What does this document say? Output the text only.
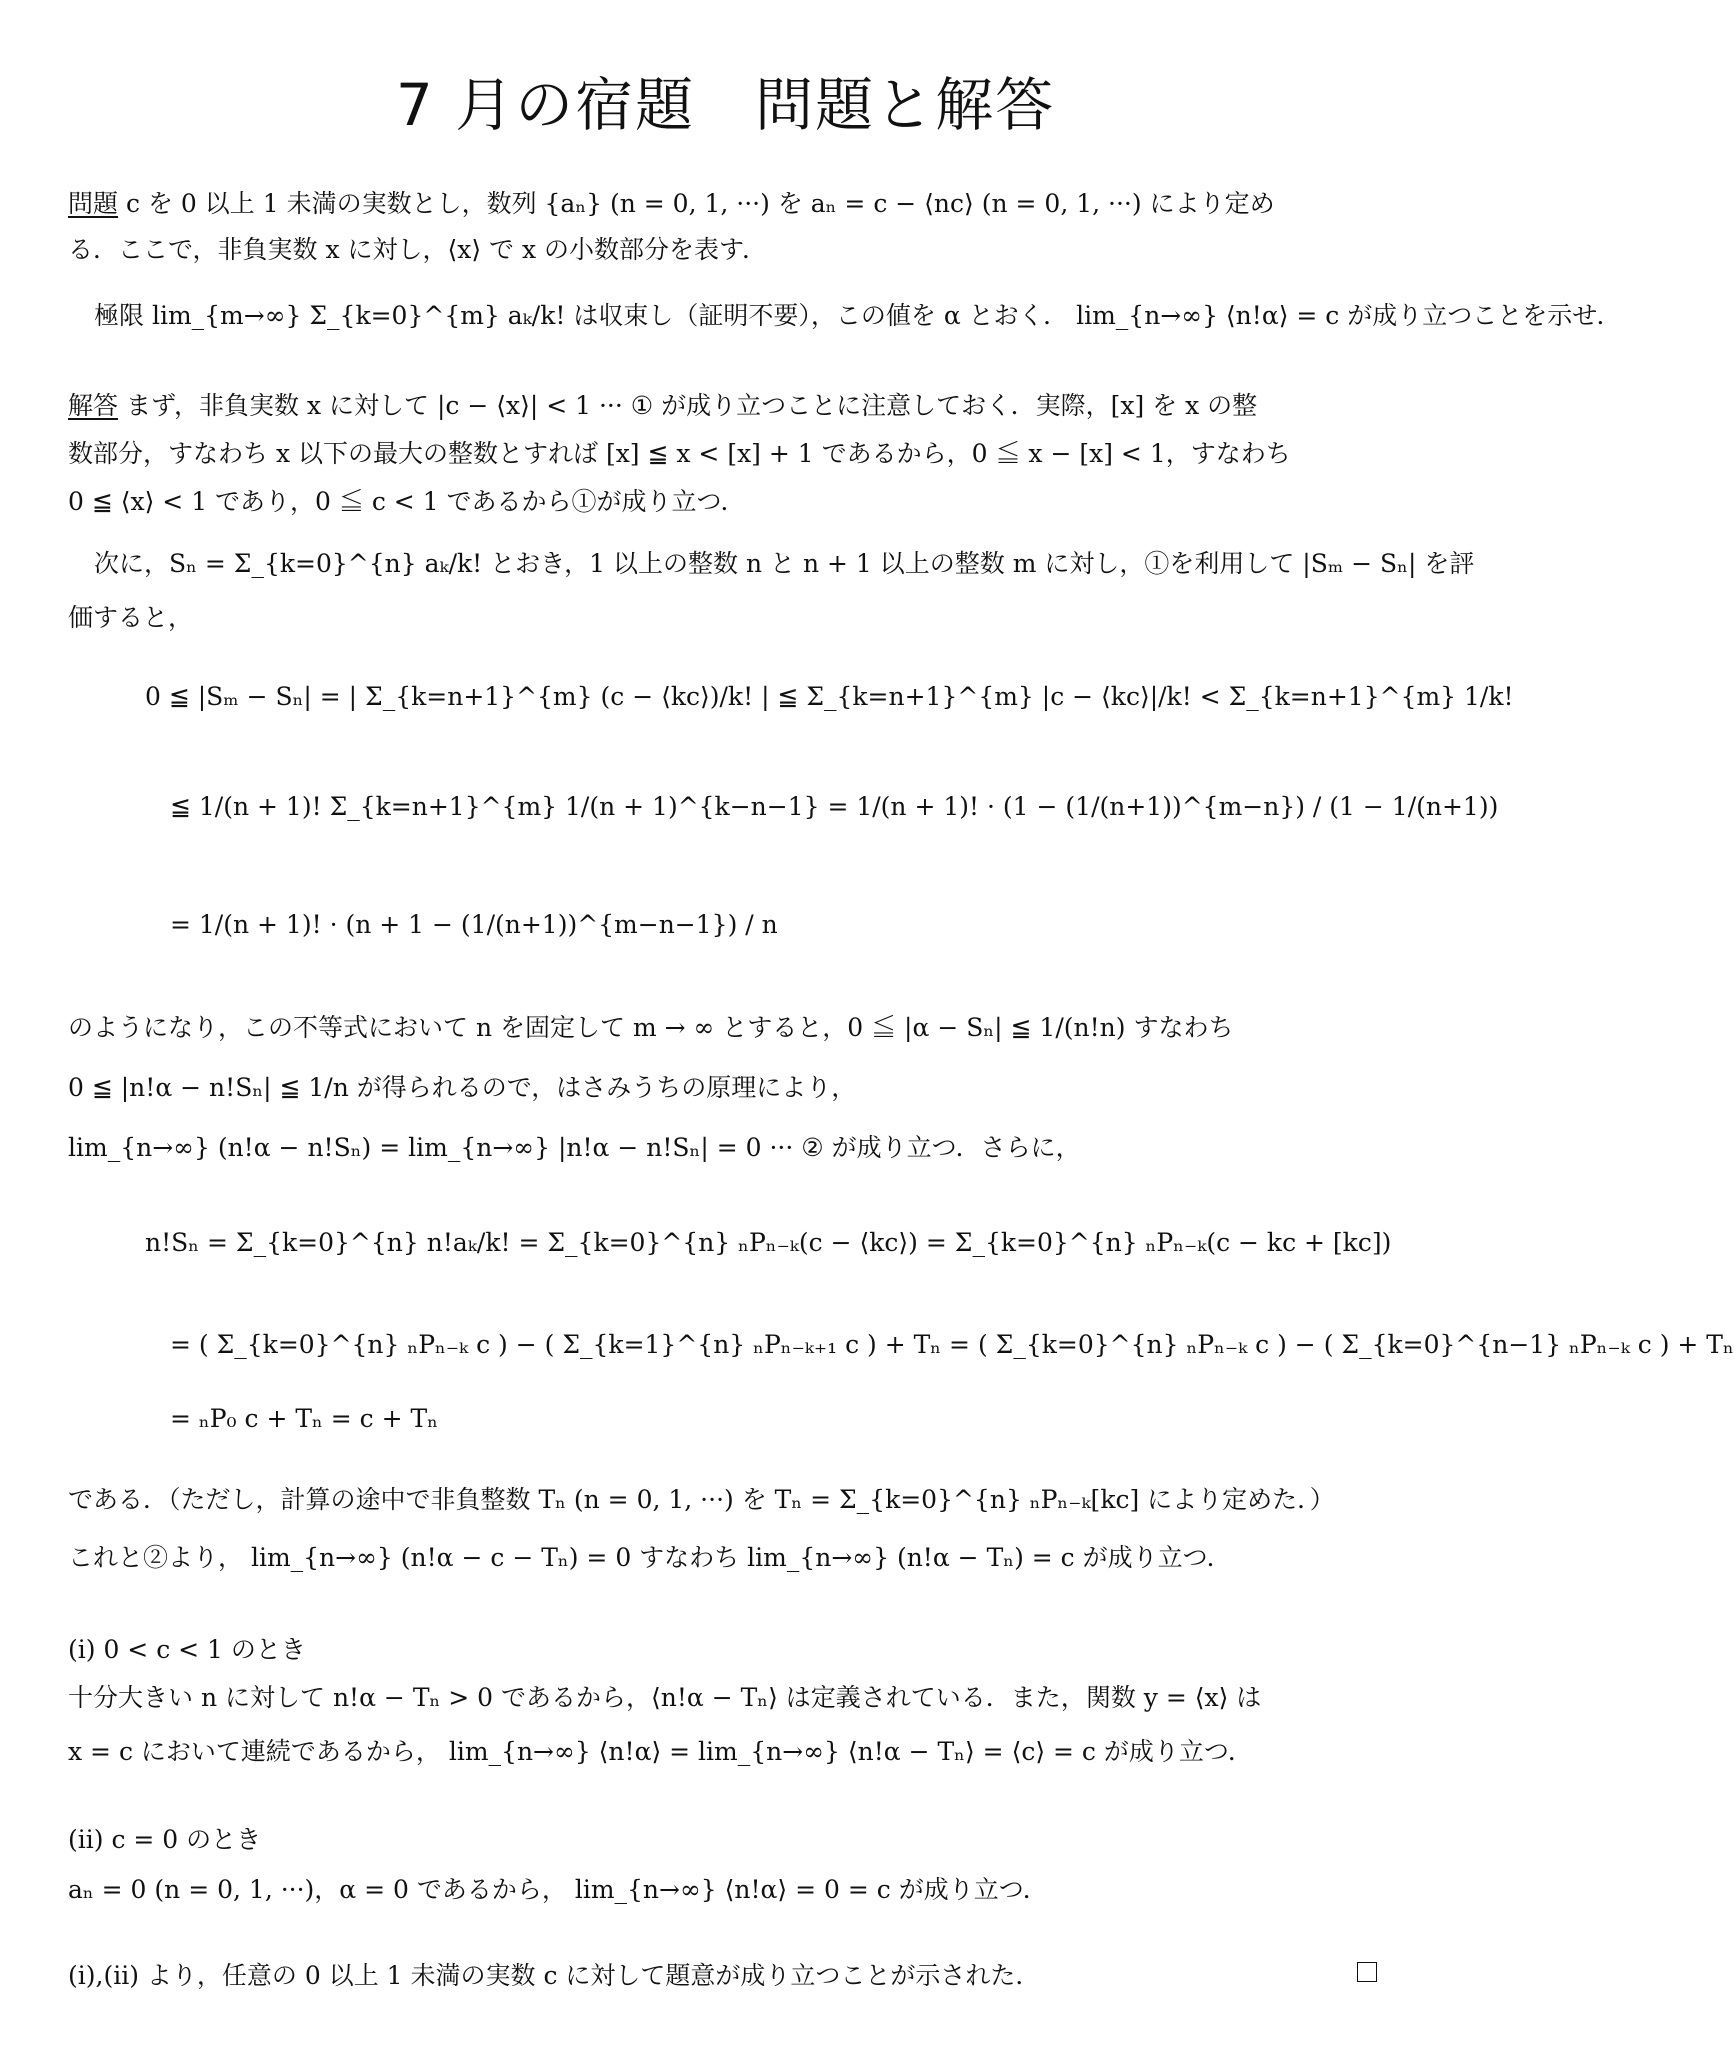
7 月の宿題　問題と解答
問題 c を 0 以上 1 未満の実数とし，数列 {aₙ} (n = 0, 1, ···) を aₙ = c − ⟨nc⟩ (n = 0, 1, ···) により定め
る．ここで，非負実数 x に対し，⟨x⟩ で x の小数部分を表す．
極限 lim_{m→∞} Σ_{k=0}^{m} aₖ/k! は収束し（証明不要），この値を α とおく． lim_{n→∞} ⟨n!α⟩ = c が成り立つことを示せ．
解答 まず，非負実数 x に対して |c − ⟨x⟩| < 1 ··· ① が成り立つことに注意しておく．実際，[x] を x の整
数部分，すなわち x 以下の最大の整数とすれば [x] ≦ x < [x] + 1 であるから，0 ≦ x − [x] < 1，すなわち
0 ≦ ⟨x⟩ < 1 であり，0 ≦ c < 1 であるから①が成り立つ．
次に，Sₙ = Σ_{k=0}^{n} aₖ/k! とおき，1 以上の整数 n と n + 1 以上の整数 m に対し，①を利用して |Sₘ − Sₙ| を評
価すると，
0 ≦ |Sₘ − Sₙ| = | Σ_{k=n+1}^{m} (c − ⟨kc⟩)/k! | ≦ Σ_{k=n+1}^{m} |c − ⟨kc⟩|/k! < Σ_{k=n+1}^{m} 1/k!
≦ 1/(n + 1)! Σ_{k=n+1}^{m} 1/(n + 1)^{k−n−1} = 1/(n + 1)! · (1 − (1/(n+1))^{m−n}) / (1 − 1/(n+1))
= 1/(n + 1)! · (n + 1 − (1/(n+1))^{m−n−1}) / n
のようになり，この不等式において n を固定して m → ∞ とすると，0 ≦ |α − Sₙ| ≦ 1/(n!n) すなわち
0 ≦ |n!α − n!Sₙ| ≦ 1/n が得られるので，はさみうちの原理により，
lim_{n→∞} (n!α − n!Sₙ) = lim_{n→∞} |n!α − n!Sₙ| = 0 ··· ② が成り立つ．さらに，
n!Sₙ = Σ_{k=0}^{n} n!aₖ/k! = Σ_{k=0}^{n} ₙPₙ₋ₖ(c − ⟨kc⟩) = Σ_{k=0}^{n} ₙPₙ₋ₖ(c − kc + [kc])
= ( Σ_{k=0}^{n} ₙPₙ₋ₖ c ) − ( Σ_{k=1}^{n} ₙPₙ₋ₖ₊₁ c ) + Tₙ = ( Σ_{k=0}^{n} ₙPₙ₋ₖ c ) − ( Σ_{k=0}^{n−1} ₙPₙ₋ₖ c ) + Tₙ
= ₙP₀ c + Tₙ = c + Tₙ
である．（ただし，計算の途中で非負整数 Tₙ (n = 0, 1, ···) を Tₙ = Σ_{k=0}^{n} ₙPₙ₋ₖ[kc] により定めた．）
これと②より， lim_{n→∞} (n!α − c − Tₙ) = 0 すなわち lim_{n→∞} (n!α − Tₙ) = c が成り立つ．
(i) 0 < c < 1 のとき
十分大きい n に対して n!α − Tₙ > 0 であるから，⟨n!α − Tₙ⟩ は定義されている．また，関数 y = ⟨x⟩ は
x = c において連続であるから， lim_{n→∞} ⟨n!α⟩ = lim_{n→∞} ⟨n!α − Tₙ⟩ = ⟨c⟩ = c が成り立つ．
(ii) c = 0 のとき
aₙ = 0 (n = 0, 1, ···)，α = 0 であるから， lim_{n→∞} ⟨n!α⟩ = 0 = c が成り立つ．
(i),(ii) より，任意の 0 以上 1 未満の実数 c に対して題意が成り立つことが示された．
